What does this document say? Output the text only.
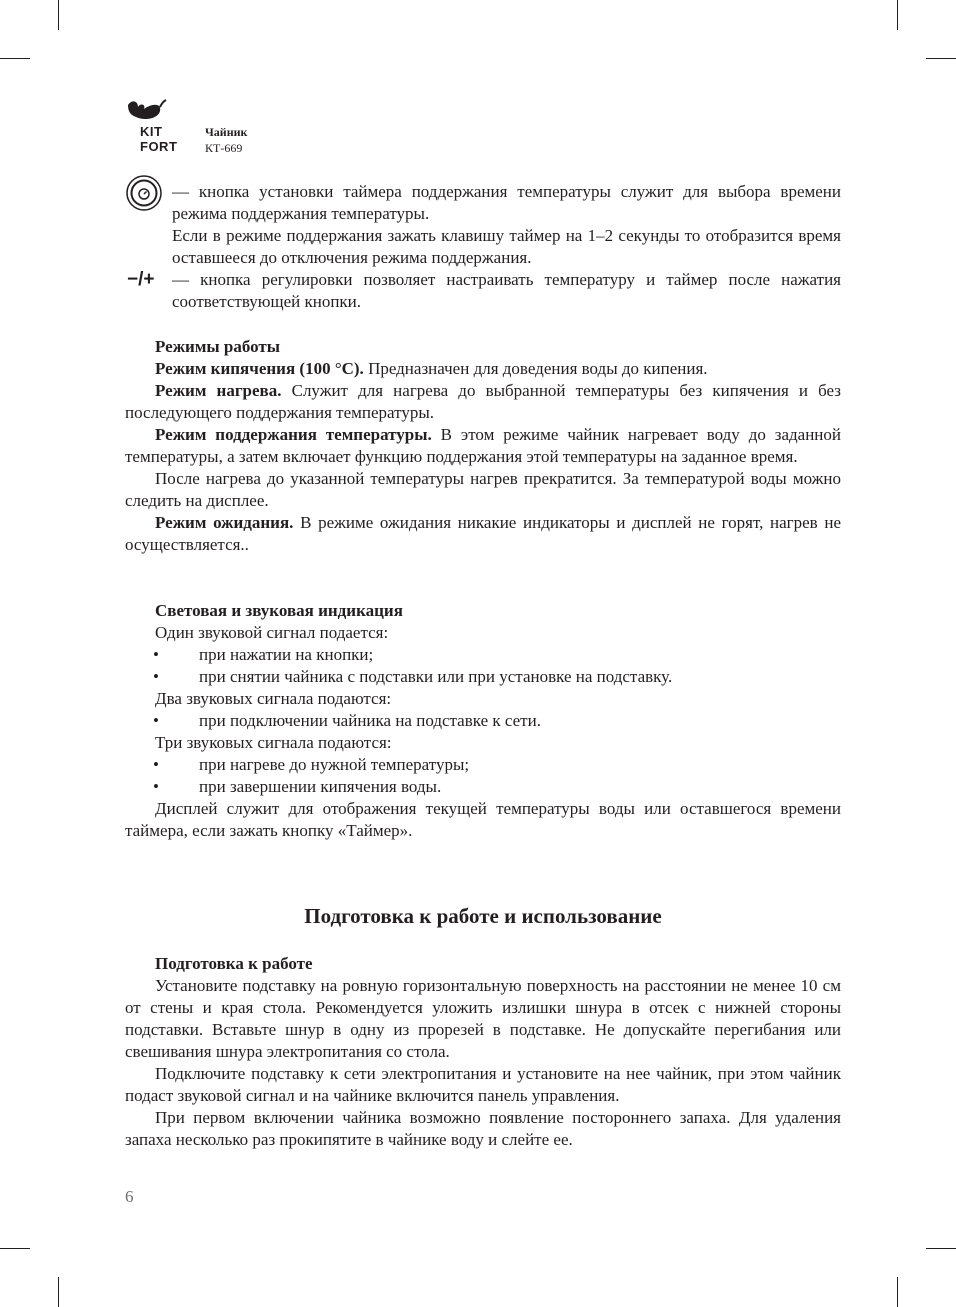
KIT
FORT
Чайник
КТ-669

— кнопка установки таймера поддержания температуры служит для выбора времени режима поддержания температуры.

Если в режиме поддержания зажать клавишу таймер на 1–2 секунды то отобразится время оставшееся до отключения режима поддержания.

−/+ — кнопка регулировки позволяет настраивать температуру и таймер после нажатия соответствующей кнопки.

Режимы работы

Режим кипячения (100 °C). Предназначен для доведения воды до кипения.

Режим нагрева. Служит для нагрева до выбранной температуры без кипячения и без последующего поддержания температуры.

Режим поддержания температуры. В этом режиме чайник нагревает воду до заданной температуры, а затем включает функцию поддержания этой температуры на заданное время.

После нагрева до указанной температуры нагрев прекратится. За температурой воды можно следить на дисплее.

Режим ожидания. В режиме ожидания никакие индикаторы и дисплей не горят, нагрев не осуществляется..

Световая и звуковая индикация

Один звуковой сигнал подается:

• при нажатии на кнопки;

• при снятии чайника с подставки или при установке на подставку.

Два звуковых сигнала подаются:

• при подключении чайника на подставке к сети.

Три звуковых сигнала подаются:

• при нагреве до нужной температуры;

• при завершении кипячения воды.

Дисплей служит для отображения текущей температуры воды или оставшегося времени таймера, если зажать кнопку «Таймер».

Подготовка к работе и использование

Подготовка к работе

Установите подставку на ровную горизонтальную поверхность на расстоянии не менее 10 см от стены и края стола. Рекомендуется уложить излишки шнура в отсек с нижней стороны подставки. Вставьте шнур в одну из прорезей в подставке. Не допускайте перегибания или свешивания шнура электропитания со стола.

Подключите подставку к сети электропитания и установите на нее чайник, при этом чайник подаст звуковой сигнал и на чайнике включится панель управления.

При первом включении чайника возможно появление постороннего запаха. Для удаления запаха несколько раз прокипятите в чайнике воду и слейте ее.

6
